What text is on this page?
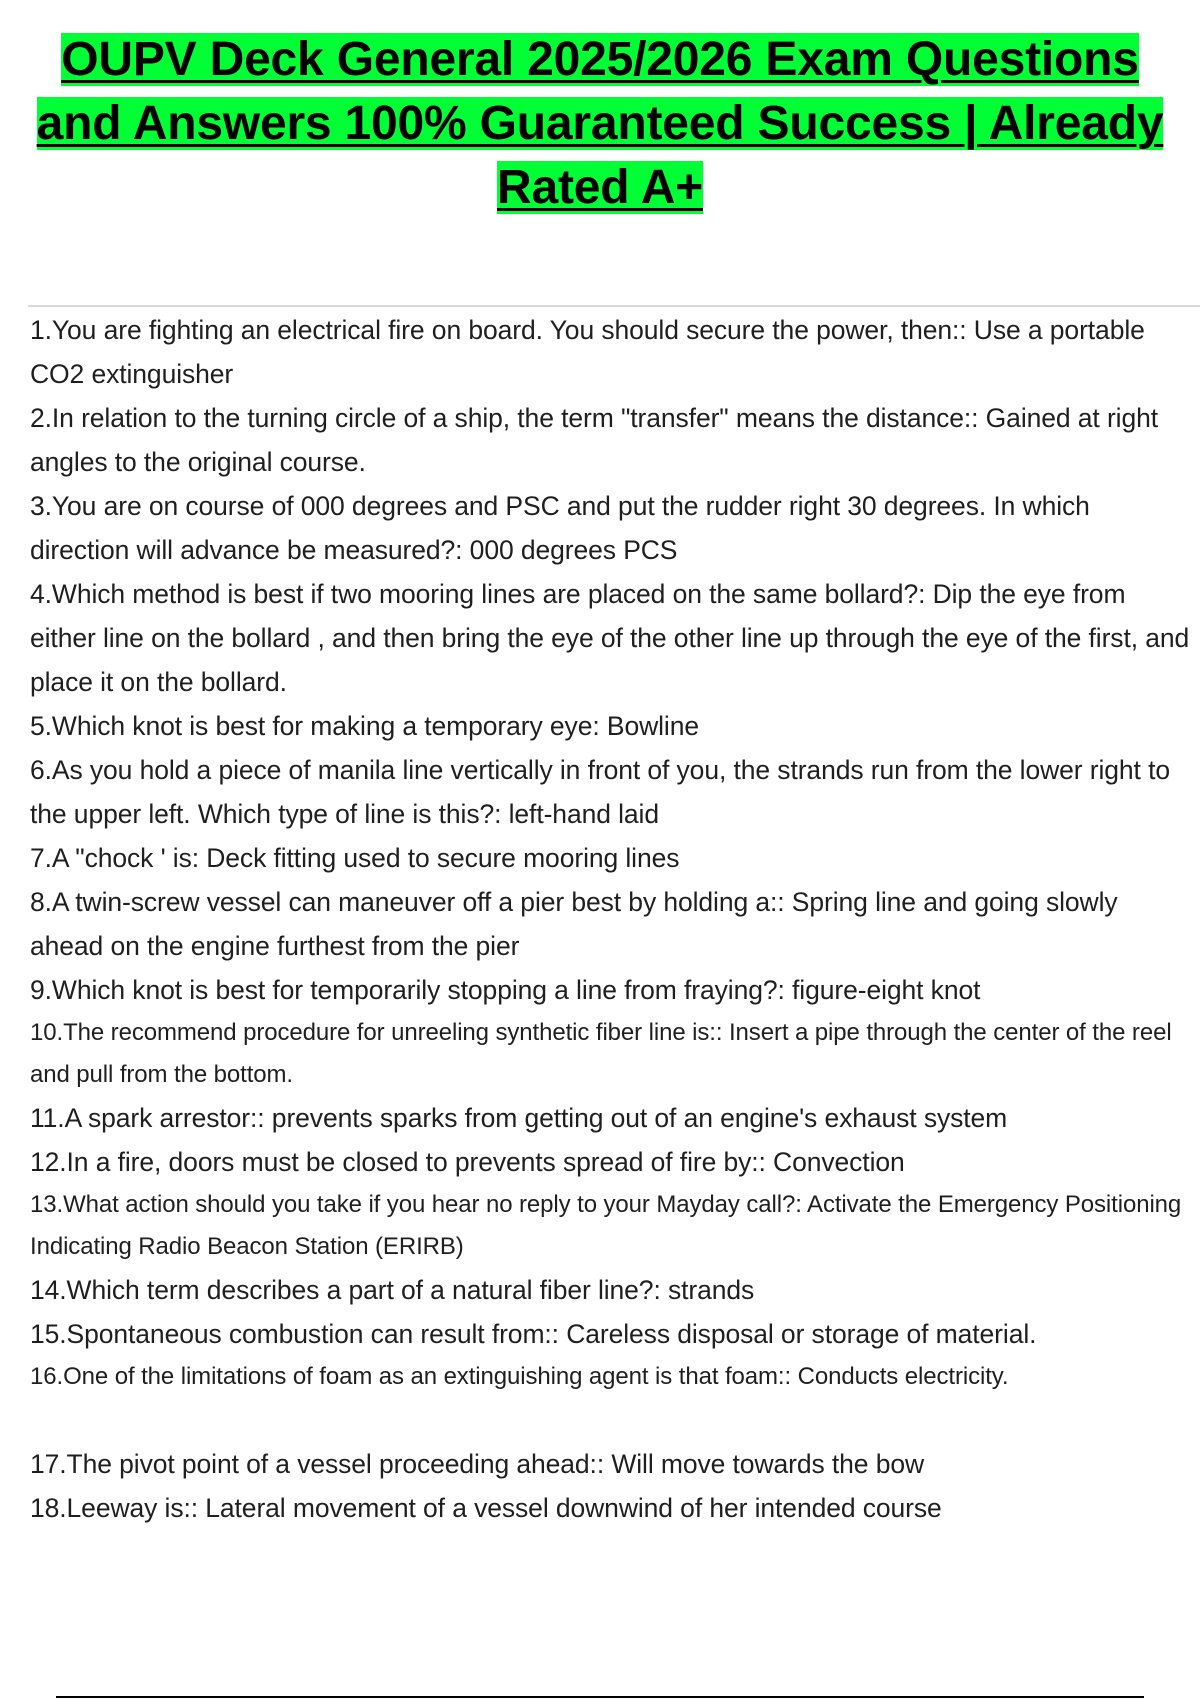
OUPV Deck General 2025/2026 Exam Questions
and Answers 100% Guaranteed Success | Already
Rated A+
1.You are fighting an electrical fire on board. You should secure the power, then:: Use a portable CO2 extinguisher
2.In relation to the turning circle of a ship, the term "transfer" means the distance:: Gained at right angles to the original course.
3.You are on course of 000 degrees and PSC and put the rudder right 30 degrees. In which direction will advance be measured?: 000 degrees PCS
4.Which method is best if two mooring lines are placed on the same bollard?: Dip the eye from either line on the bollard , and then bring the eye of the other line up through the eye of the first, and place it on the bollard.
5.Which knot is best for making a temporary eye: Bowline
6.As you hold a piece of manila line vertically in front of you, the strands run from the lower right to the upper left. Which type of line is this?: left-hand laid
7.A "chock ' is: Deck fitting used to secure mooring lines
8.A twin-screw vessel can maneuver off a pier best by holding a:: Spring line and going slowly ahead on the engine furthest from the pier
9.Which knot is best for temporarily stopping a line from fraying?: figure-eight knot
10.The recommend procedure for unreeling synthetic fiber line is:: Insert a pipe through the center of the reel and pull from the bottom.
11.A spark arrestor:: prevents sparks from getting out of an engine's exhaust system
12.In a fire, doors must be closed to prevents spread of fire by:: Convection
13.What action should you take if you hear no reply to your Mayday call?: Activate the Emergency Positioning Indicating Radio Beacon Station (ERIRB)
14.Which term describes a part of a natural fiber line?: strands
15.Spontaneous combustion can result from:: Careless disposal or storage of material.
16.One of the limitations of foam as an extinguishing agent is that foam:: Conducts electricity.
17.The pivot point of a vessel proceeding ahead:: Will move towards the bow
18.Leeway is:: Lateral movement of a vessel downwind of her intended course
